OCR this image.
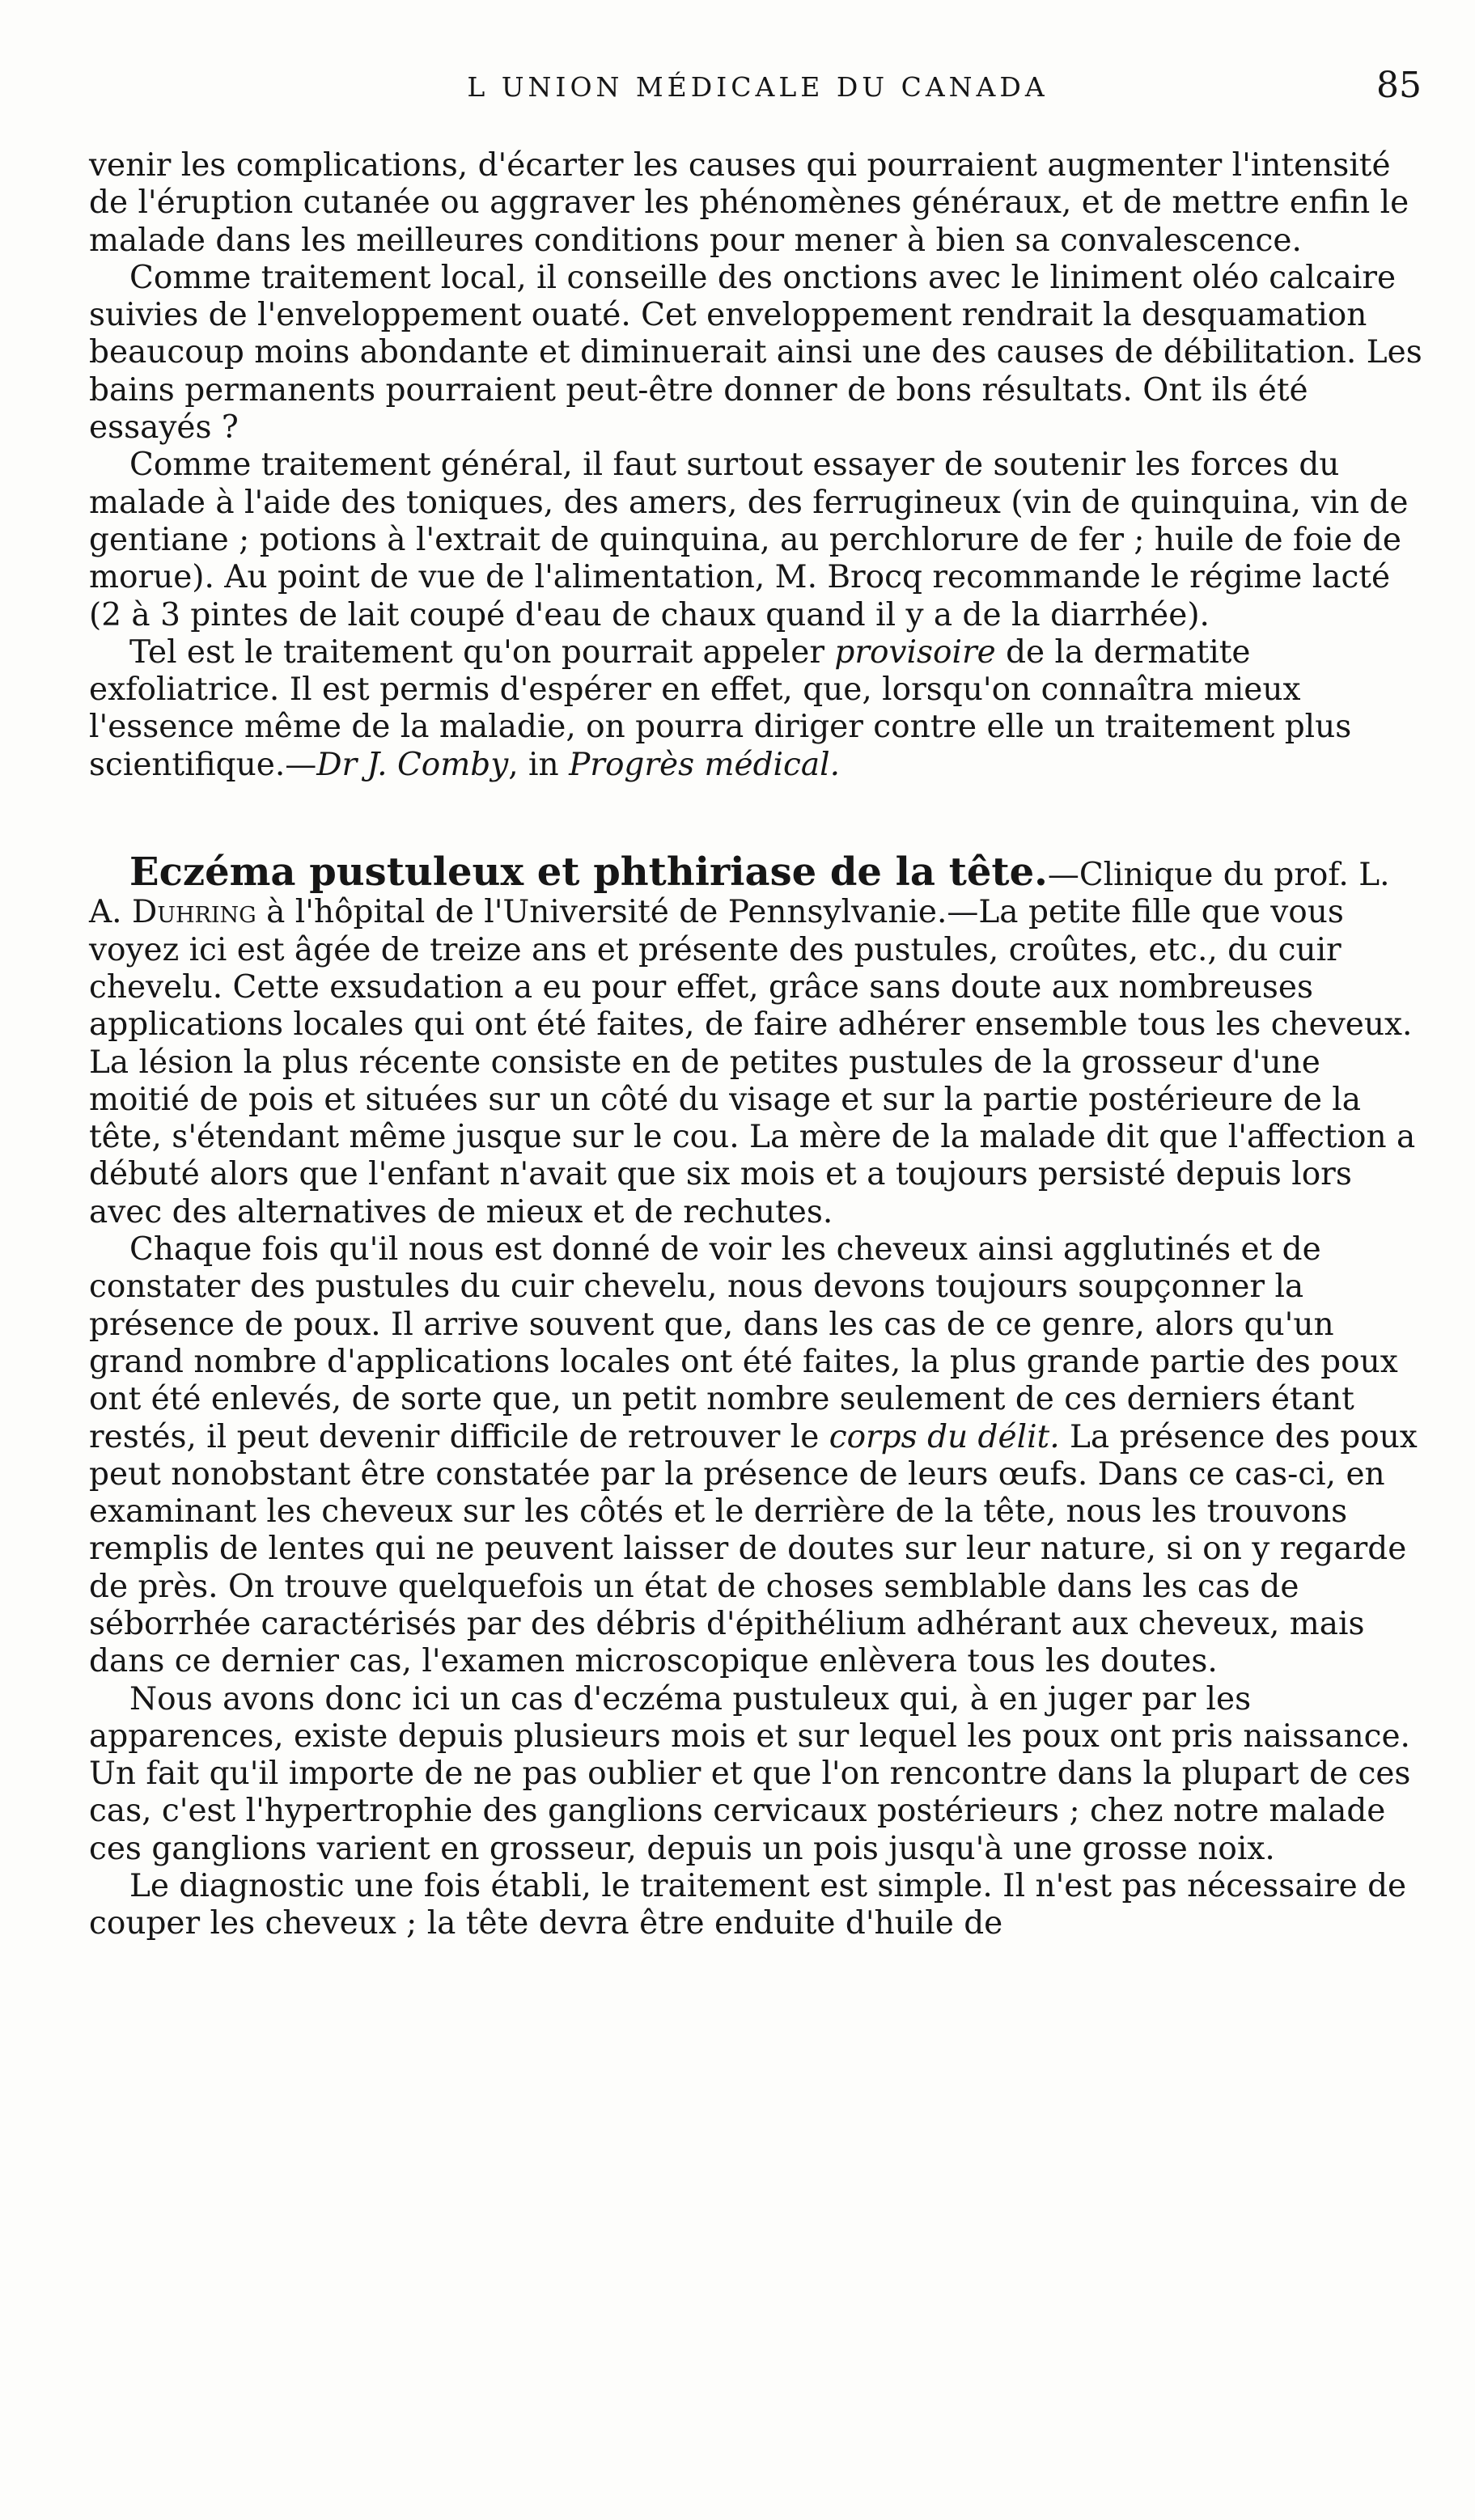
L UNION MÉDICALE DU CANADA	85

venir les complications, d'écarter les causes qui pourraient augmenter l'intensité de l'éruption cutanée ou aggraver les phénomènes généraux, et de mettre enfin le malade dans les meilleures conditions pour mener à bien sa convalescence.

Comme traitement local, il conseille des onctions avec le liniment oléo calcaire suivies de l'enveloppement ouaté. Cet enveloppement rendrait la desquamation beaucoup moins abondante et diminuerait ainsi une des causes de débilitation. Les bains permanents pourraient peut-être donner de bons résultats. Ont ils été essayés ?

Comme traitement général, il faut surtout essayer de soutenir les forces du malade à l'aide des toniques, des amers, des ferrugineux (vin de quinquina, vin de gentiane ; potions à l'extrait de quinquina, au perchlorure de fer ; huile de foie de morue). Au point de vue de l'alimentation, M. Brocq recommande le régime lacté (2 à 3 pintes de lait coupé d'eau de chaux quand il y a de la diarrhée).

Tel est le traitement qu'on pourrait appeler provisoire de la dermatite exfoliatrice. Il est permis d'espérer en effet, que, lorsqu'on connaîtra mieux l'essence même de la maladie, on pourra diriger contre elle un traitement plus scientifique.—Dr J. Comby, in Progrès médical.

Eczéma pustuleux et phthiriase de la tête.—Clinique du prof. L. A. Duhring à l'hôpital de l'Université de Pennsylvanie.—La petite fille que vous voyez ici est âgée de treize ans et présente des pustules, croûtes, etc., du cuir chevelu. Cette exsudation a eu pour effet, grâce sans doute aux nombreuses applications locales qui ont été faites, de faire adhérer ensemble tous les cheveux. La lésion la plus récente consiste en de petites pustules de la grosseur d'une moitié de pois et situées sur un côté du visage et sur la partie postérieure de la tête, s'étendant même jusque sur le cou. La mère de la malade dit que l'affection a débuté alors que l'enfant n'avait que six mois et a toujours persisté depuis lors avec des alternatives de mieux et de rechutes.

Chaque fois qu'il nous est donné de voir les cheveux ainsi agglutinés et de constater des pustules du cuir chevelu, nous devons toujours soupçonner la présence de poux. Il arrive souvent que, dans les cas de ce genre, alors qu'un grand nombre d'applications locales ont été faites, la plus grande partie des poux ont été enlevés, de sorte que, un petit nombre seulement de ces derniers étant restés, il peut devenir difficile de retrouver le corps du délit. La présence des poux peut nonobstant être constatée par la présence de leurs œufs. Dans ce cas-ci, en examinant les cheveux sur les côtés et le derrière de la tête, nous les trouvons remplis de lentes qui ne peuvent laisser de doutes sur leur nature, si on y regarde de près. On trouve quelquefois un état de choses semblable dans les cas de séborrhée caractérisés par des débris d'épithélium adhérant aux cheveux, mais dans ce dernier cas, l'examen microscopique enlèvera tous les doutes.

Nous avons donc ici un cas d'eczéma pustuleux qui, à en juger par les apparences, existe depuis plusieurs mois et sur lequel les poux ont pris naissance. Un fait qu'il importe de ne pas oublier et que l'on rencontre dans la plupart de ces cas, c'est l'hypertrophie des ganglions cervicaux postérieurs ; chez notre malade ces ganglions varient en grosseur, depuis un pois jusqu'à une grosse noix.

Le diagnostic une fois établi, le traitement est simple. Il n'est pas nécessaire de couper les cheveux ; la tête devra être enduite d'huile de
